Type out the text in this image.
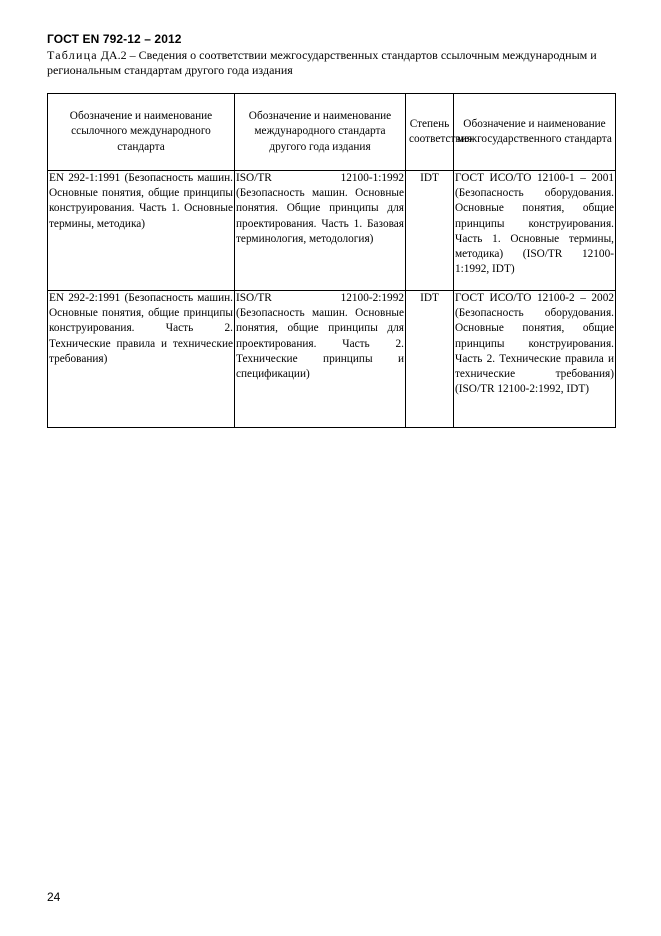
ГОСТ EN 792-12 – 2012
Таблица ДА.2 – Сведения о соответствии межгосударственных стандартов ссылочным международным и региональным стандартам другого года издания
Обозначение и наименование ссылочного международного стандарта	Обозначение и наименование международного стандарта другого года издания	Степень соответствия	Обозначение и наименование межгосударственного стандарта
EN 292-1:1991 (Безопасность машин. Основные понятия, общие принципы конструирования. Часть 1. Основные термины, методика)	ISO/TR 12100-1:1992 (Безопасность машин. Основные понятия. Общие принципы для проектирования. Часть 1. Базовая терминология, методология)	IDT	ГОСТ ИСО/ТО 12100-1 – 2001 (Безопасность оборудования. Основные понятия, общие принципы конструирования. Часть 1. Основные термины, методика) (ISO/TR 12100-1:1992, IDT)
EN 292-2:1991 (Безопасность машин. Основные понятия, общие принципы конструирования. Часть 2. Технические правила и технические требования)	ISO/TR 12100-2:1992 (Безопасность машин. Основные понятия, общие принципы для проектирования. Часть 2. Технические принципы и спецификации)	IDT	ГОСТ ИСО/ТО 12100-2 – 2002 (Безопасность оборудования. Основные понятия, общие принципы конструирования. Часть 2. Технические правила и технические требования) (ISO/TR 12100-2:1992, IDT)
24
